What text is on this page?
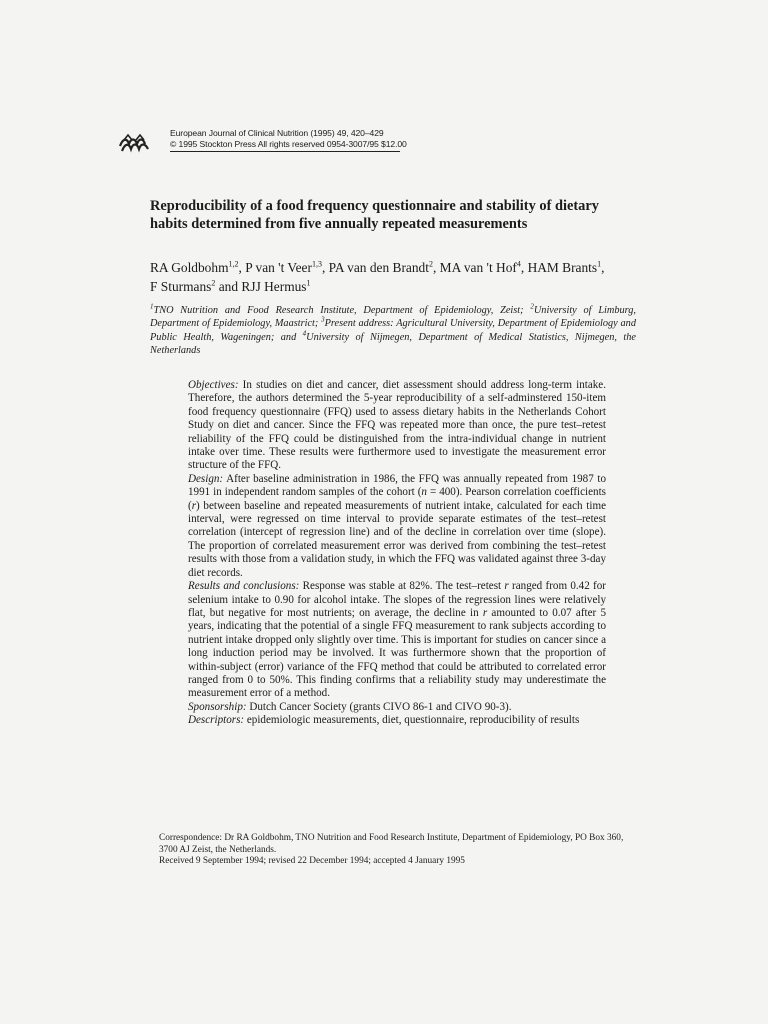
European Journal of Clinical Nutrition (1995) 49, 420–429
© 1995 Stockton Press All rights reserved 0954-3007/95 $12.00
Reproducibility of a food frequency questionnaire and stability of dietary habits determined from five annually repeated measurements
RA Goldbohm$^{1,2}$, P van 't Veer$^{1,3}$, PA van den Brandt$^2$, MA van 't Hof$^4$, HAM Brants$^1$,
F Sturmans$^2$ and RJJ Hermus$^1$
$^1$TNO Nutrition and Food Research Institute, Department of Epidemiology, Zeist; $^2$University of Limburg, Department of Epidemiology, Maastrict; $^3$Present address: Agricultural University, Department of Epidemiology and Public Health, Wageningen; and $^4$University of Nijmegen, Department of Medical Statistics, Nijmegen, the Netherlands

Objectives: In studies on diet and cancer, diet assessment should address long-term intake. Therefore, the authors determined the 5-year reproducibility of a self-adminstered 150-item food frequency questionnaire (FFQ) used to assess dietary habits in the Netherlands Cohort Study on diet and cancer. Since the FFQ was repeated more than once, the pure test–retest reliability of the FFQ could be distinguished from the intra-individual change in nutrient intake over time. These results were furthermore used to investigate the measurement error structure of the FFQ.

Design: After baseline administration in 1986, the FFQ was annually repeated from 1987 to 1991 in independent random samples of the cohort (n = 400). Pearson correlation coefficients (r) between baseline and repeated measurements of nutrient intake, calculated for each time interval, were regressed on time interval to provide separate estimates of the test–retest correlation (intercept of regression line) and of the decline in correlation over time (slope). The proportion of correlated measurement error was derived from combining the test–retest results with those from a validation study, in which the FFQ was validated against three 3-day diet records.

Results and conclusions: Response was stable at 82%. The test–retest r ranged from 0.42 for selenium intake to 0.90 for alcohol intake. The slopes of the regression lines were relatively flat, but negative for most nutrients; on average, the decline in r amounted to 0.07 after 5 years, indicating that the potential of a single FFQ measurement to rank subjects according to nutrient intake dropped only slightly over time. This is important for studies on cancer since a long induction period may be involved. It was furthermore shown that the proportion of within-subject (error) variance of the FFQ method that could be attributed to correlated error ranged from 0 to 50%. This finding confirms that a reliability study may underestimate the measurement error of a method.

Sponsorship: Dutch Cancer Society (grants CIVO 86-1 and CIVO 90-3).

Descriptors: epidemiologic measurements, diet, questionnaire, reproducibility of results

Correspondence: Dr RA Goldbohm, TNO Nutrition and Food Research Institute, Department of Epidemiology, PO Box 360, 3700 AJ Zeist, the Netherlands.

Received 9 September 1994; revised 22 December 1994; accepted 4 January 1995
